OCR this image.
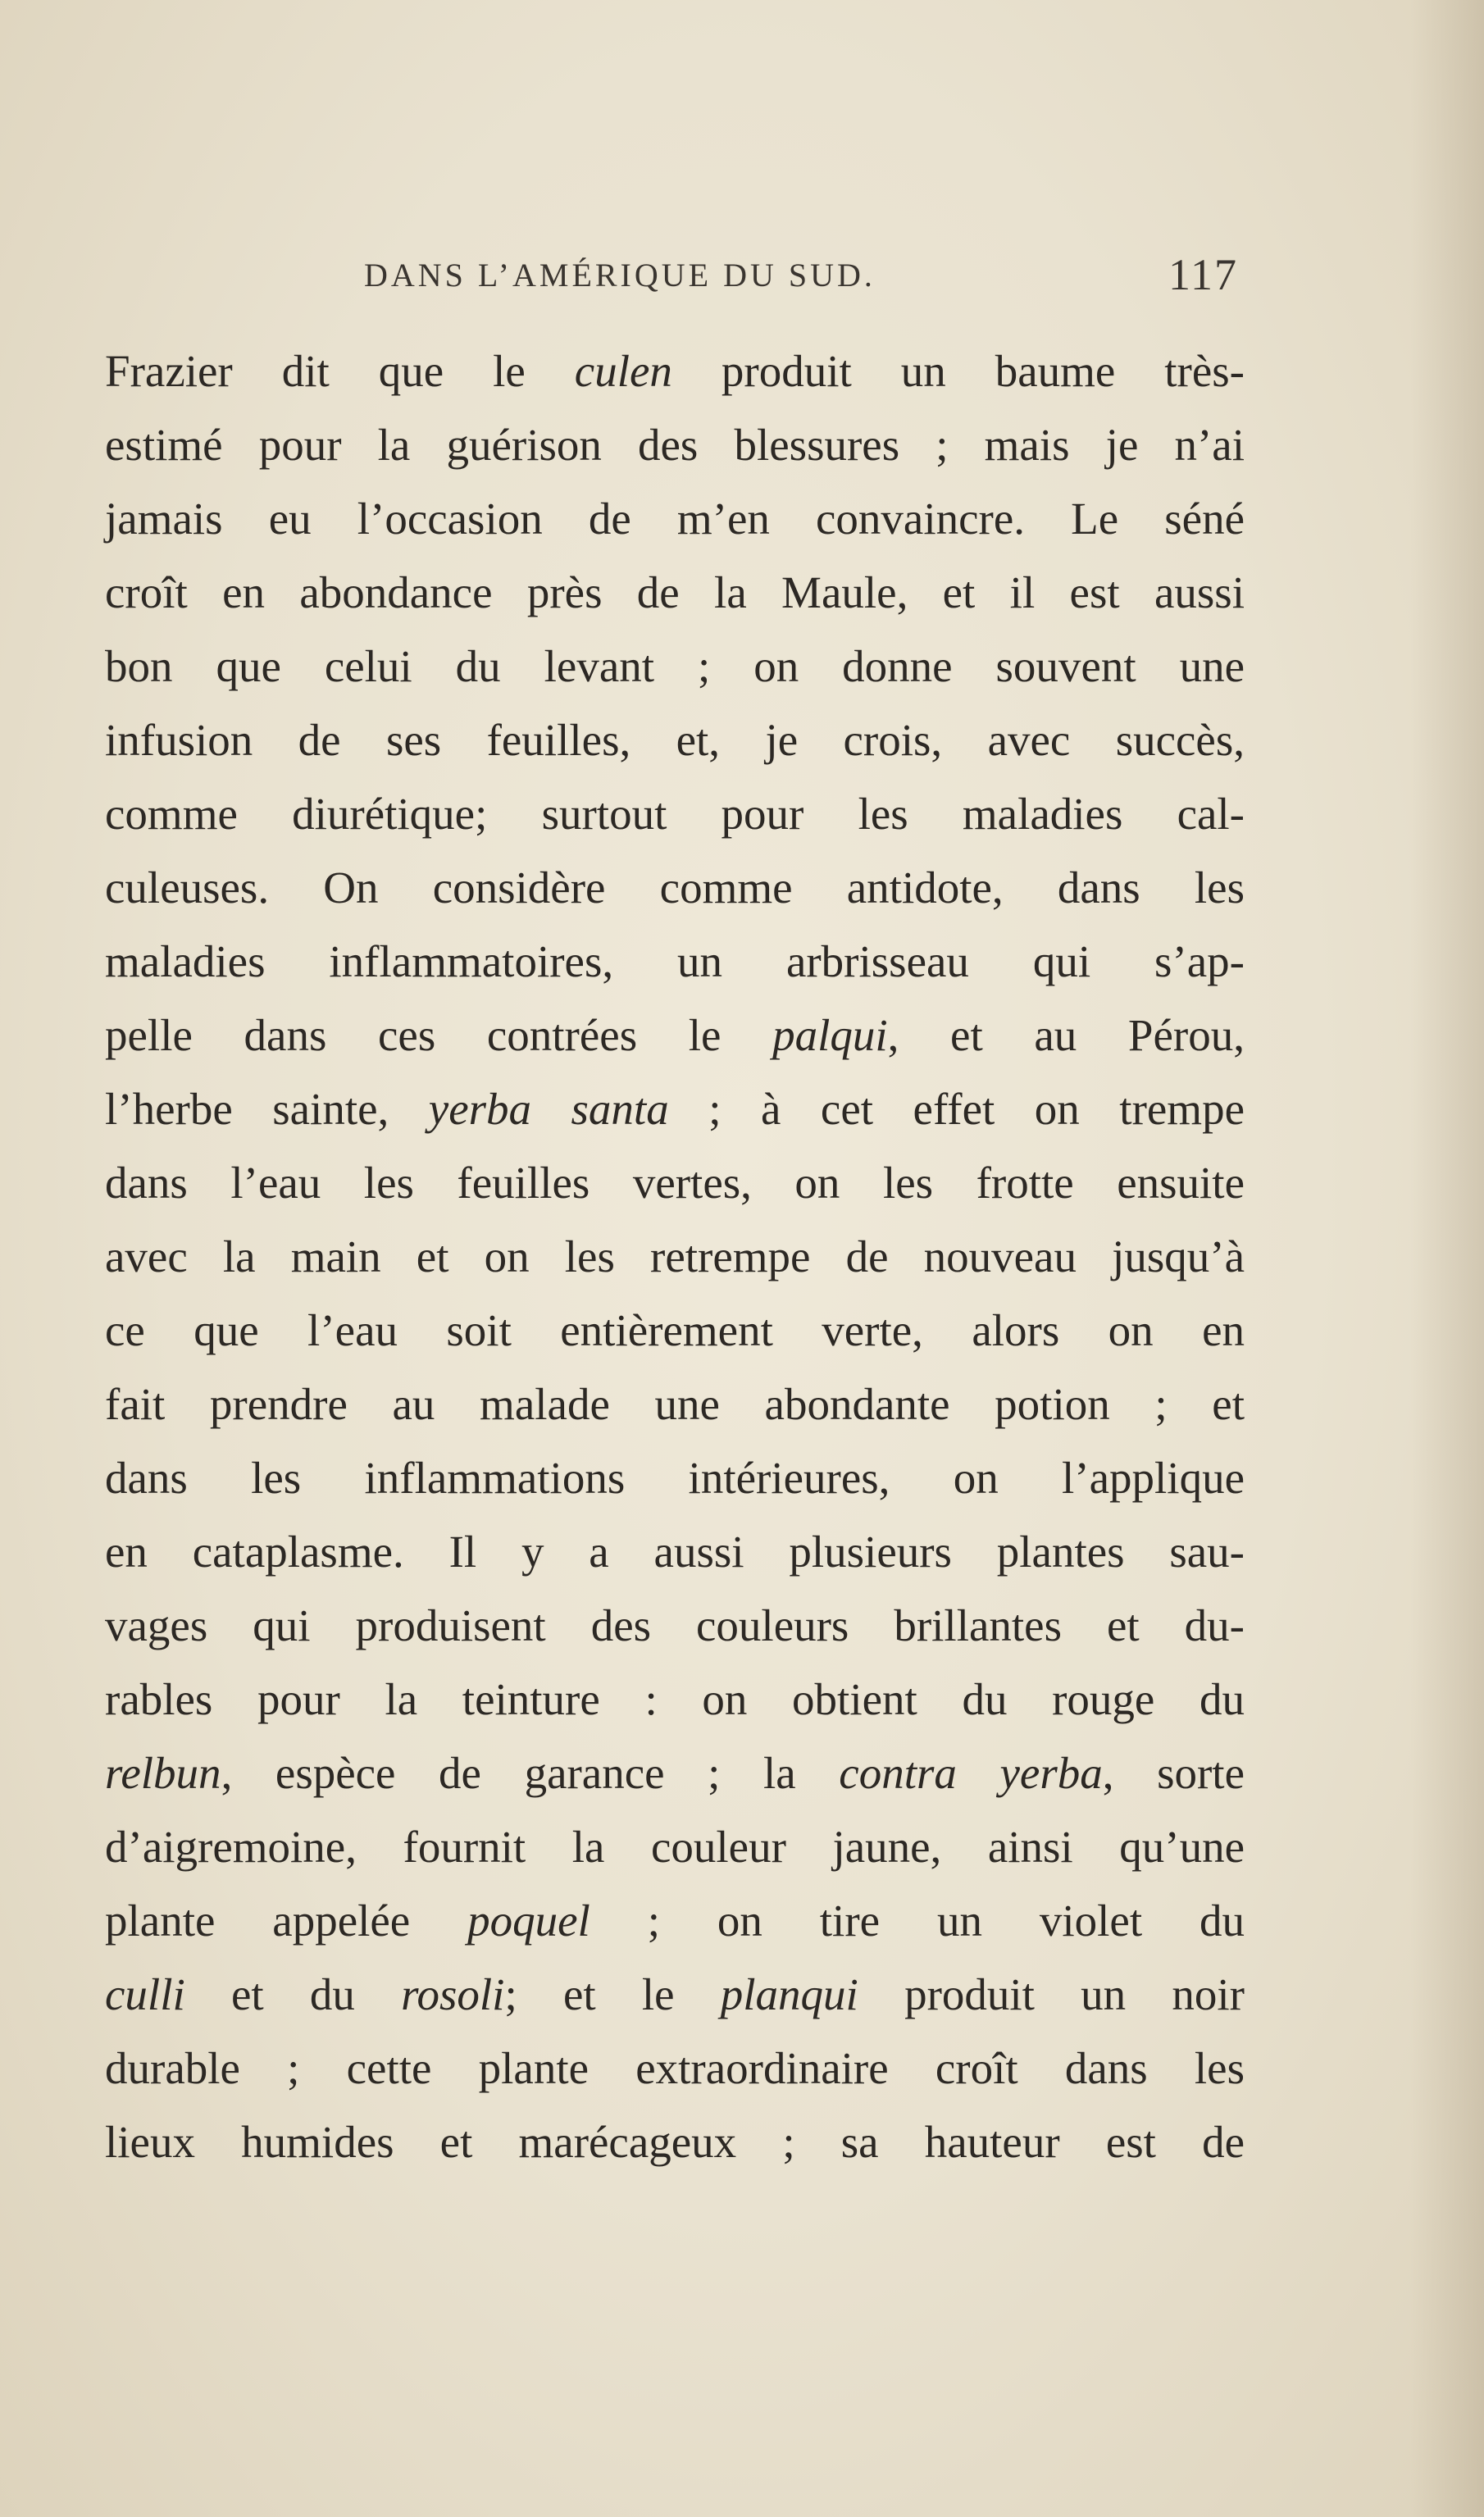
DANS L’AMÉRIQUE DU SUD.	117
Frazier dit que le culen produit un baume très-
estimé pour la guérison des blessures ; mais je n’ai
jamais eu l’occasion de m’en convaincre. Le séné
croît en abondance près de la Maule, et il est aussi
bon que celui du levant ; on donne souvent une
infusion de ses feuilles, et, je crois, avec succès,
comme diurétique; surtout pour les maladies cal-
culeuses. On considère comme antidote, dans les
maladies inflammatoires, un arbrisseau qui s’ap-
pelle dans ces contrées le palqui, et au Pérou,
l’herbe sainte, yerba santa ; à cet effet on trempe
dans l’eau les feuilles vertes, on les frotte ensuite
avec la main et on les retrempe de nouveau jusqu’à
ce que l’eau soit entièrement verte, alors on en
fait prendre au malade une abondante potion ; et
dans les inflammations intérieures, on l’applique
en cataplasme. Il y a aussi plusieurs plantes sau-
vages qui produisent des couleurs brillantes et du-
rables pour la teinture : on obtient du rouge du
relbun, espèce de garance ; la contra yerba, sorte
d’aigremoine, fournit la couleur jaune, ainsi qu’une
plante appelée poquel ; on tire un violet du
culli et du rosoli; et le planqui produit un noir
durable ; cette plante extraordinaire croît dans les
lieux humides et marécageux ; sa hauteur est de
